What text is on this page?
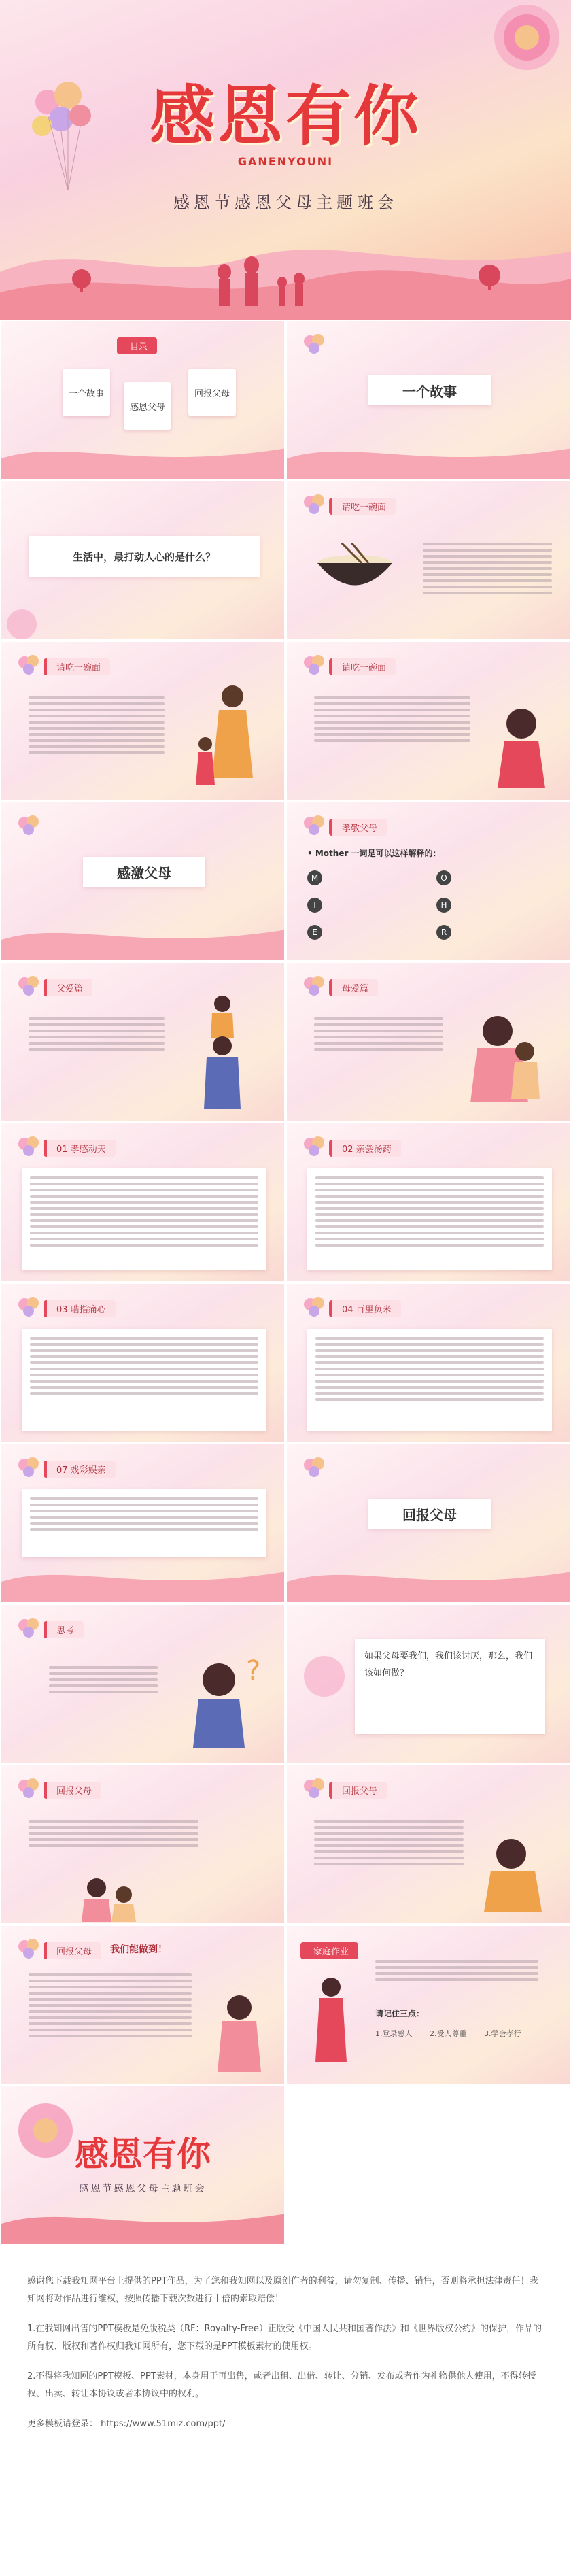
感恩有你
GANENYOUNI
感恩节感恩父母主题班会
目录
一个故事
感恩父母
回报父母	一个故事
生活中，最打动人心的是什么？
请吃一碗面
请吃一碗面	请吃一碗面
感激父母
孝敬父母
• Mother 一词是可以这样解释的：
M	O
T	H
E	R
父爱篇	母爱篇
01 孝感动天	02 亲尝汤药
03 啮指痛心	04 百里负米
07 戏彩娱亲
回报父母
思考
?	如果父母要我们，我们该讨厌，那么，我们该如何做？
回报父母	回报父母
回报父母	我们能做到！	家庭作业
请记住三点：
1.登录感人 2.受人尊重 3.学会孝行
感恩有你
感恩节感恩父母主题班会

感谢您下载我知网平台上提供的PPT作品，为了您和我知网以及原创作者的利益，请勿复制、传播、销售，否则将承担法律责任！我知网将对作品进行维权，按照传播下载次数进行十倍的索取赔偿！

1.在我知网出售的PPT模板是免版税类（RF：Royalty-Free）正版受《中国人民共和国著作法》和《世界版权公约》的保护，作品的所有权、版权和著作权归我知网所有，您下载的是PPT模板素材的使用权。

2.不得将我知网的PPT模板、PPT素材，本身用于再出售，或者出租、出借、转让、分销、发布或者作为礼物供他人使用，不得转授权、出卖、转让本协议或者本协议中的权利。

更多模板请登录： https://www.51miz.com/ppt/
